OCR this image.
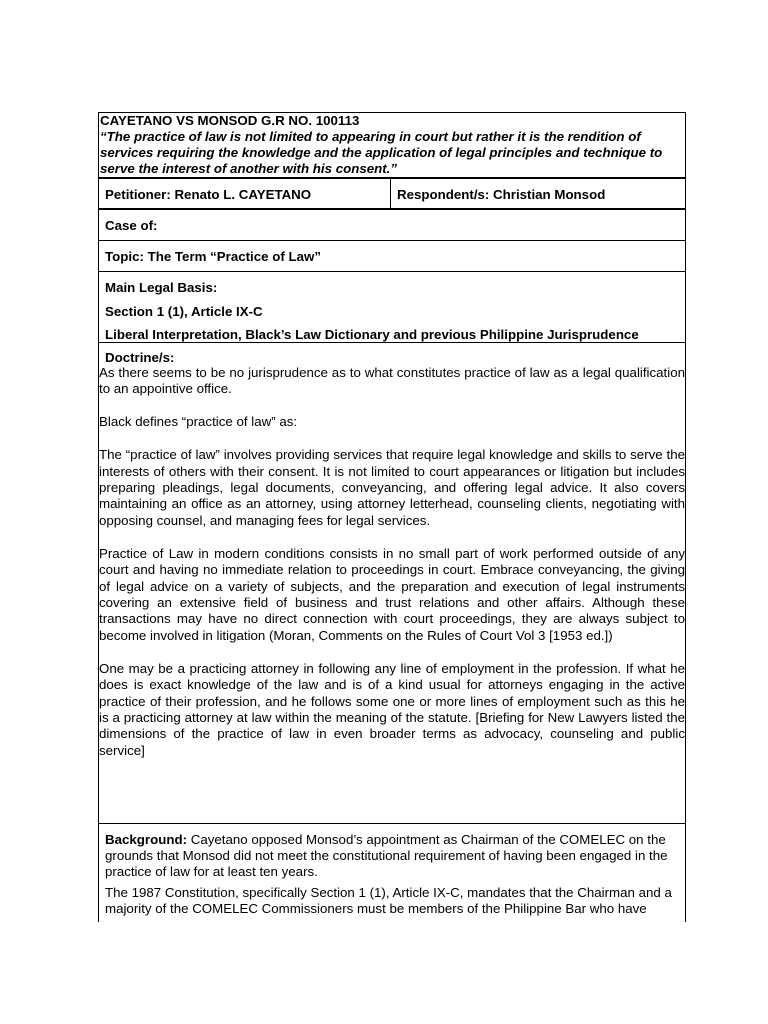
CAYETANO VS MONSOD G.R NO. 100113
“The practice of law is not limited to appearing in court but rather it is the rendition of services requiring the knowledge and the application of legal principles and technique to serve the interest of another with his consent.”
Petitioner: Renato L. CAYETANO	Respondent/s: Christian Monsod
Case of:
Topic: The Term “Practice of Law”
Main Legal Basis:
Section 1 (1), Article IX-C
Liberal Interpretation, Black’s Law Dictionary and previous Philippine Jurisprudence
Doctrine/s:

As there seems to be no jurisprudence as to what constitutes practice of law as a legal qualification to an appointive office.

Black defines “practice of law” as:

The “practice of law” involves providing services that require legal knowledge and skills to serve the interests of others with their consent. It is not limited to court appearances or litigation but includes preparing pleadings, legal documents, conveyancing, and offering legal advice. It also covers maintaining an office as an attorney, using attorney letterhead, counseling clients, negotiating with opposing counsel, and managing fees for legal services.

Practice of Law in modern conditions consists in no small part of work performed outside of any court and having no immediate relation to proceedings in court. Embrace conveyancing, the giving of legal advice on a variety of subjects, and the preparation and execution of legal instruments covering an extensive field of business and trust relations and other affairs. Although these transactions may have no direct connection with court proceedings, they are always subject to become involved in litigation (Moran, Comments on the Rules of Court Vol 3 [1953 ed.])

One may be a practicing attorney in following any line of employment in the profession. If what he does is exact knowledge of the law and is of a kind usual for attorneys engaging in the active practice of their profession, and he follows some one or more lines of employment such as this he is a practicing attorney at law within the meaning of the statute. [Briefing for New Lawyers listed the dimensions of the practice of law in even broader terms as advocacy, counseling and public service]

Background: Cayetano opposed Monsod’s appointment as Chairman of the COMELEC on the grounds that Monsod did not meet the constitutional requirement of having been engaged in the practice of law for at least ten years.

The 1987 Constitution, specifically Section 1 (1), Article IX-C, mandates that the Chairman and a majority of the COMELEC Commissioners must be members of the Philippine Bar who have
